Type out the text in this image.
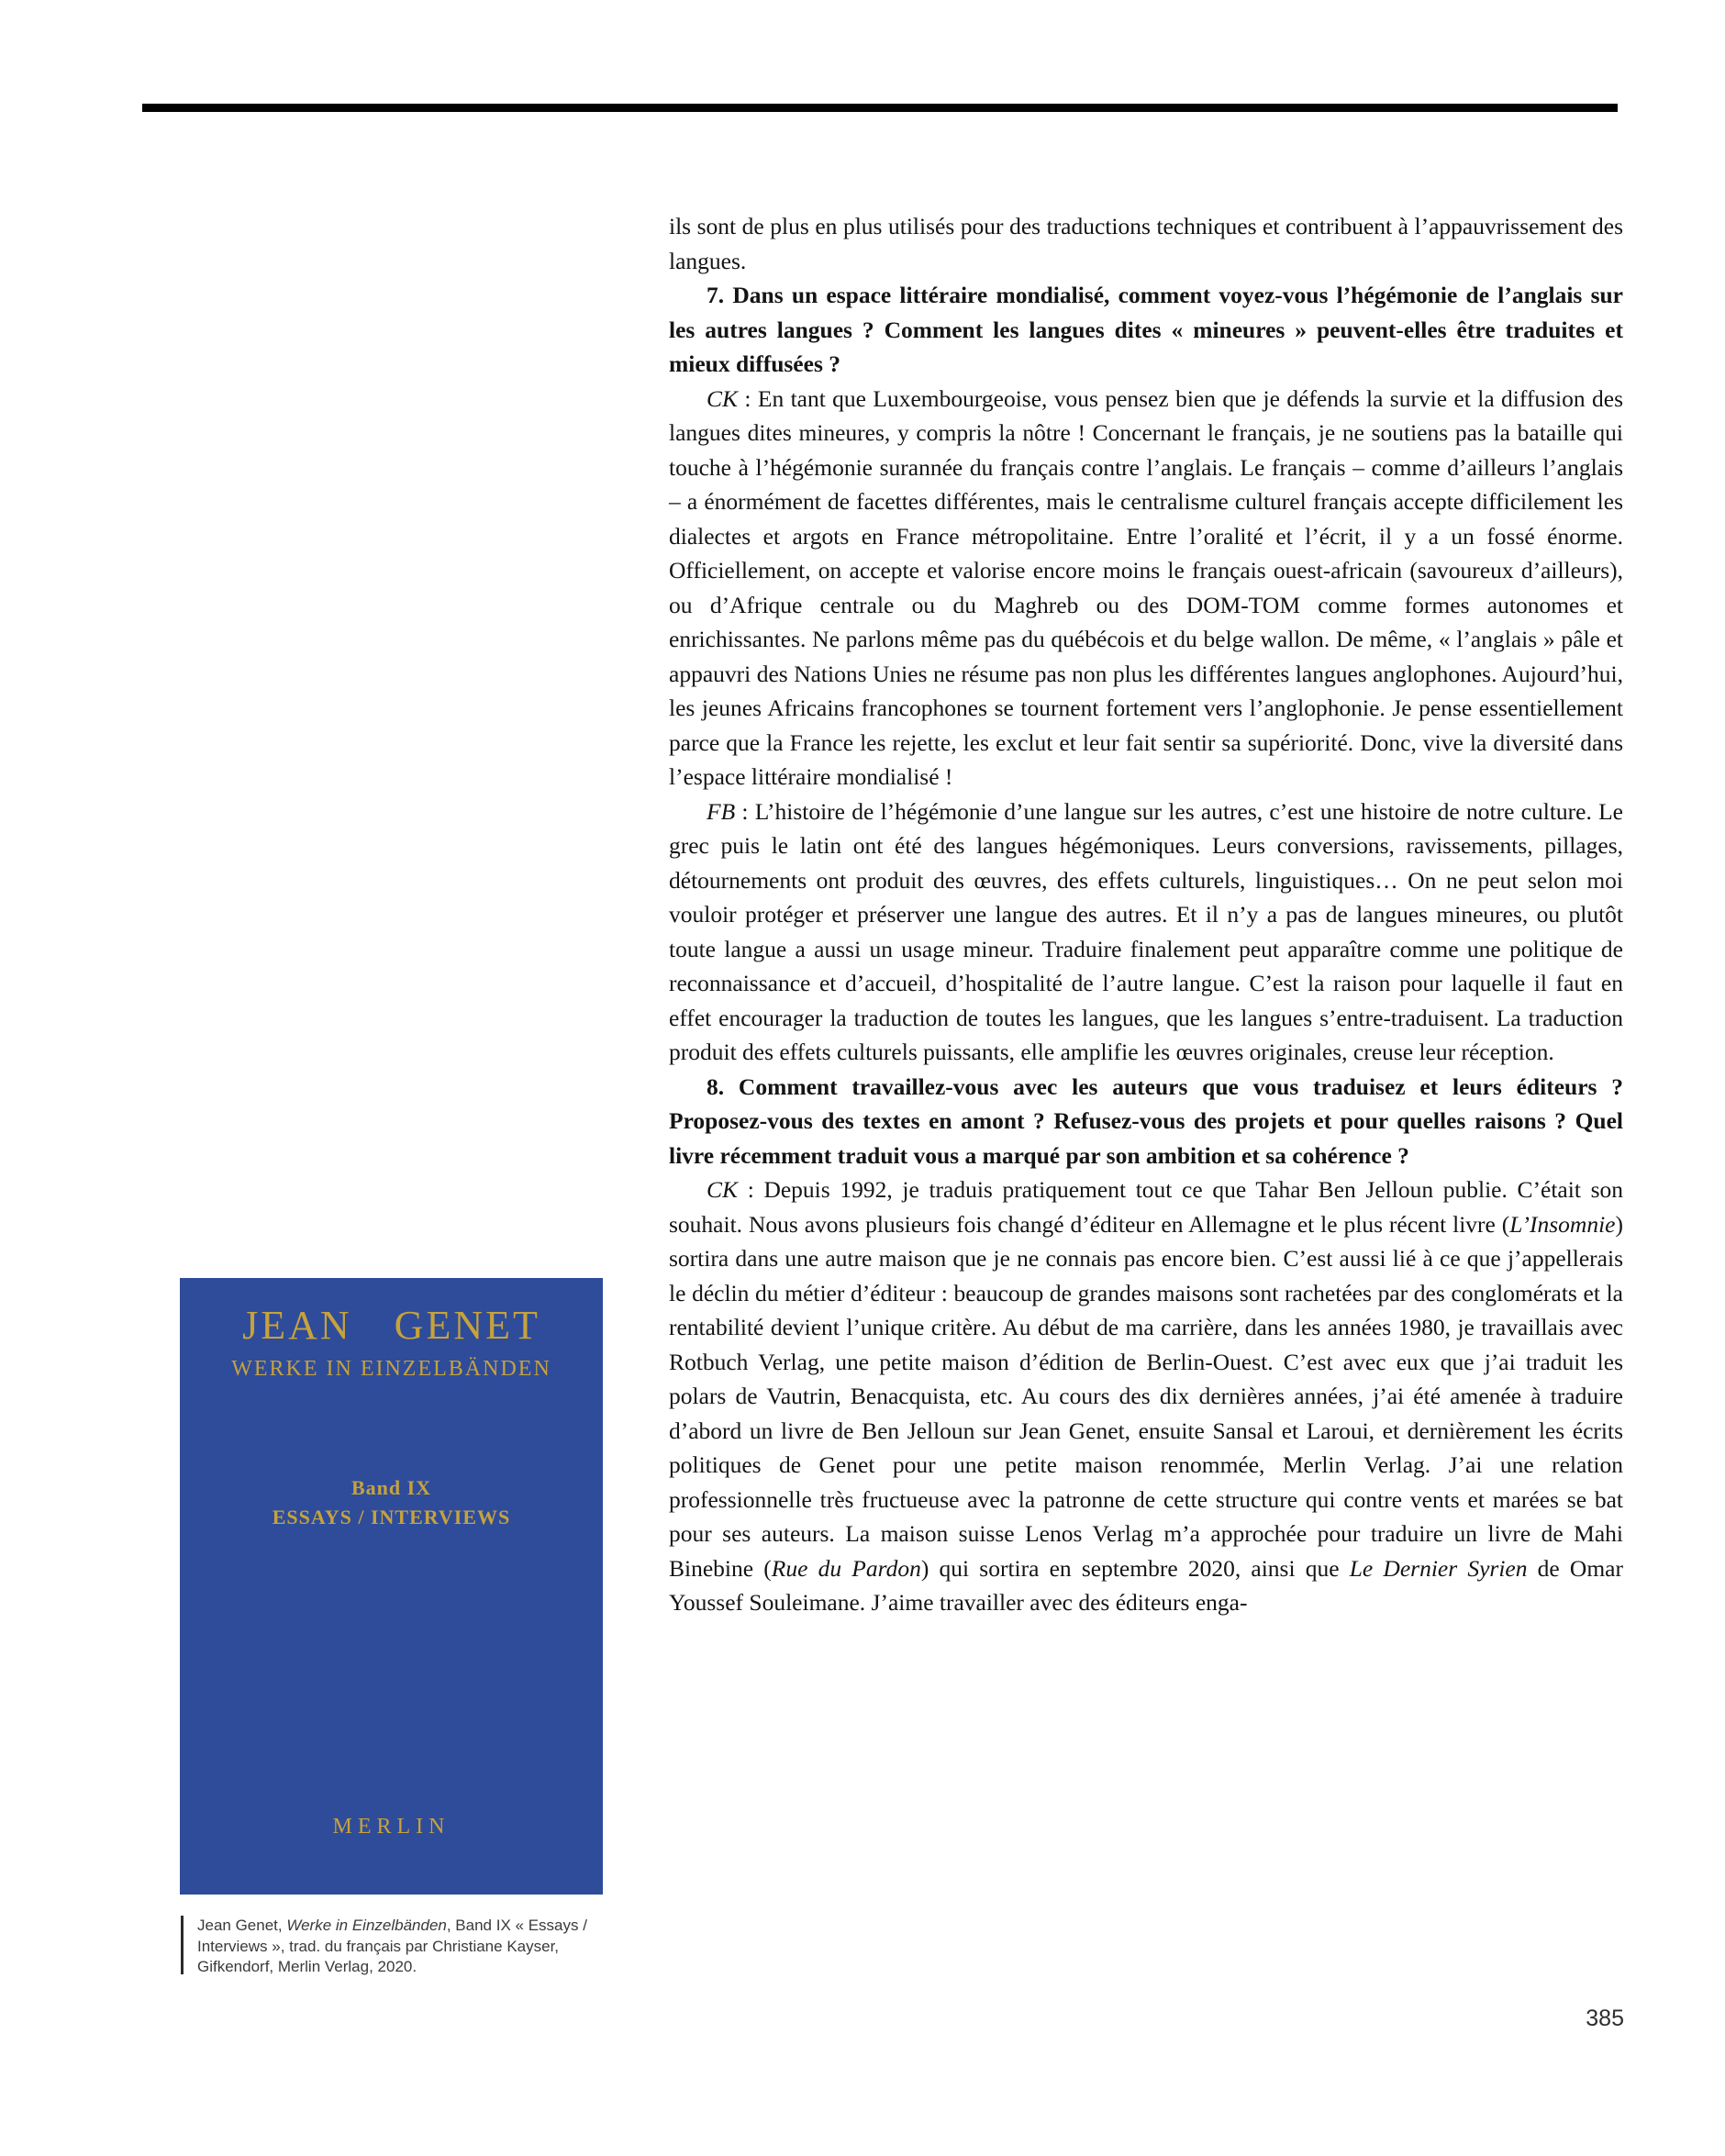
ils sont de plus en plus utilisés pour des traductions techniques et contribuent à l’appauvrissement des langues.

7. Dans un espace littéraire mondialisé, comment voyez-vous l’hégémonie de l’anglais sur les autres langues ? Comment les langues dites « mineures » peuvent-elles être traduites et mieux diffusées ?

CK : En tant que Luxembourgeoise, vous pensez bien que je défends la survie et la diffusion des langues dites mineures, y compris la nôtre ! Concernant le français, je ne soutiens pas la bataille qui touche à l’hégémonie surannée du français contre l’anglais. Le français – comme d’ailleurs l’anglais – a énormément de facettes différentes, mais le centralisme culturel français accepte difficilement les dialectes et argots en France métropolitaine. Entre l’oralité et l’écrit, il y a un fossé énorme. Officiellement, on accepte et valorise encore moins le français ouest-africain (savoureux d’ailleurs), ou d’Afrique centrale ou du Maghreb ou des DOM-TOM comme formes autonomes et enrichissantes. Ne parlons même pas du québécois et du belge wallon. De même, « l’anglais » pâle et appauvri des Nations Unies ne résume pas non plus les différentes langues anglophones. Aujourd’hui, les jeunes Africains francophones se tournent fortement vers l’anglophonie. Je pense essentiellement parce que la France les rejette, les exclut et leur fait sentir sa supériorité. Donc, vive la diversité dans l’espace littéraire mondialisé !

FB : L’histoire de l’hégémonie d’une langue sur les autres, c’est une histoire de notre culture. Le grec puis le latin ont été des langues hégémoniques. Leurs conversions, ravissements, pillages, détournements ont produit des œuvres, des effets culturels, linguistiques… On ne peut selon moi vouloir protéger et préserver une langue des autres. Et il n’y a pas de langues mineures, ou plutôt toute langue a aussi un usage mineur. Traduire finalement peut apparaître comme une politique de reconnaissance et d’accueil, d’hospitalité de l’autre langue. C’est la raison pour laquelle il faut en effet encourager la traduction de toutes les langues, que les langues s’entre-traduisent. La traduction produit des effets culturels puissants, elle amplifie les œuvres originales, creuse leur réception.

8. Comment travaillez-vous avec les auteurs que vous traduisez et leurs éditeurs ? Proposez-vous des textes en amont ? Refusez-vous des projets et pour quelles raisons ? Quel livre récemment traduit vous a marqué par son ambition et sa cohérence ?

CK : Depuis 1992, je traduis pratiquement tout ce que Tahar Ben Jelloun publie. C’était son souhait. Nous avons plusieurs fois changé d’éditeur en Allemagne et le plus récent livre (L’Insomnie) sortira dans une autre maison que je ne connais pas encore bien. C’est aussi lié à ce que j’appellerais le déclin du métier d’éditeur : beaucoup de grandes maisons sont rachetées par des conglomérats et la rentabilité devient l’unique critère. Au début de ma carrière, dans les années 1980, je travaillais avec Rotbuch Verlag, une petite maison d’édition de Berlin-Ouest. C’est avec eux que j’ai traduit les polars de Vautrin, Benacquista, etc. Au cours des dix dernières années, j’ai été amenée à traduire d’abord un livre de Ben Jelloun sur Jean Genet, ensuite Sansal et Laroui, et dernièrement les écrits politiques de Genet pour une petite maison renommée, Merlin Verlag. J’ai une relation professionnelle très fructueuse avec la patronne de cette structure qui contre vents et marées se bat pour ses auteurs. La maison suisse Lenos Verlag m’a approchée pour traduire un livre de Mahi Binebine (Rue du Pardon) qui sortira en septembre 2020, ainsi que Le Dernier Syrien de Omar Youssef Souleimane. J’aime travailler avec des éditeurs enga-

JEAN GENET
WERKE IN EINZELBÄNDEN
Band IX
ESSAYS / INTERVIEWS
MERLIN
Jean Genet, Werke in Einzelbänden, Band IX « Essays /
Interviews », trad. du français par Christiane Kayser,
Gifkendorf, Merlin Verlag, 2020.
385
